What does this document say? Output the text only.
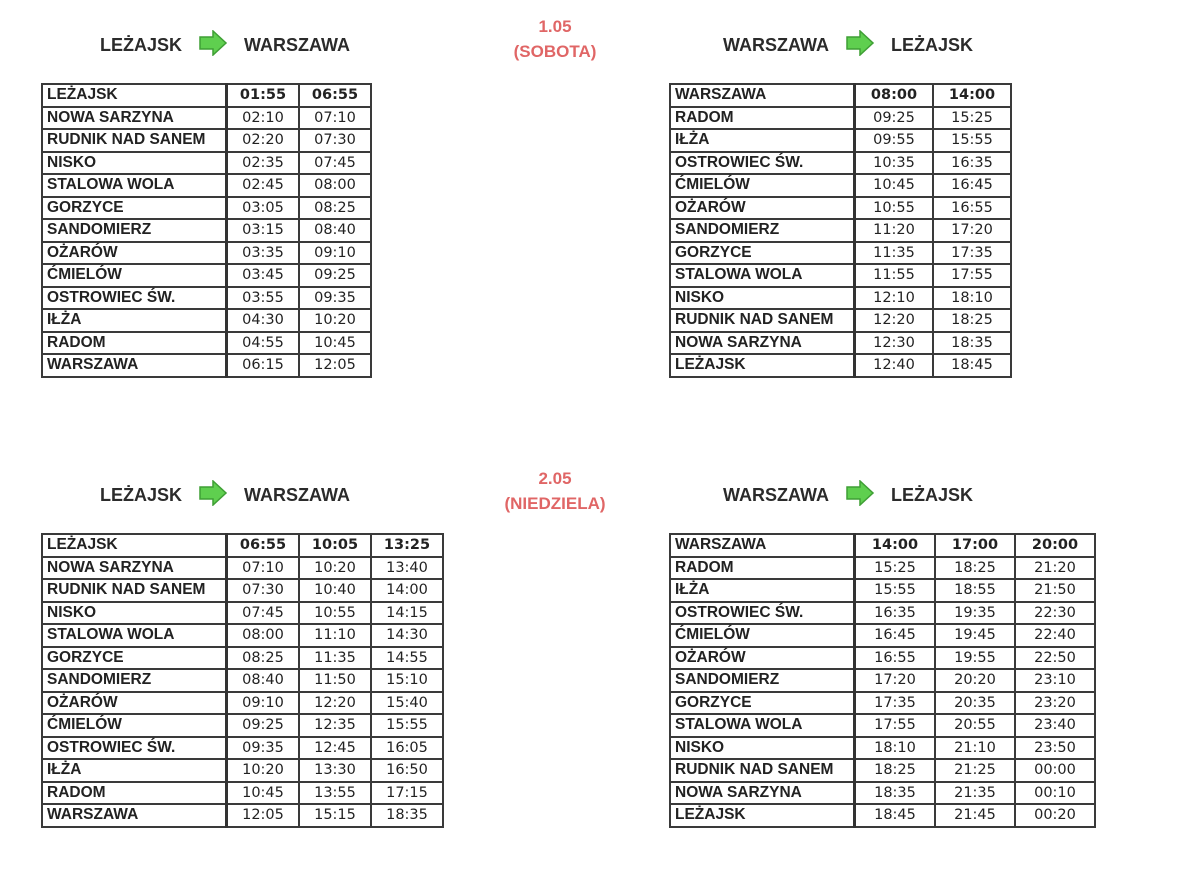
LEŻAJSK	WARSZAWA
1.05
(SOBOTA)	WARSZAWA	LEŻAJSK
LEŻAJSK	01:55	06:55
NOWA SARZYNA	02:10	07:10
RUDNIK NAD SANEM	02:20	07:30
NISKO	02:35	07:45
STALOWA WOLA	02:45	08:00
GORZYCE	03:05	08:25
SANDOMIERZ	03:15	08:40
OŻARÓW	03:35	09:10
ĆMIELÓW	03:45	09:25
OSTROWIEC ŚW.	03:55	09:35
IŁŻA	04:30	10:20
RADOM	04:55	10:45
WARSZAWA	06:15	12:05
WARSZAWA	08:00	14:00
RADOM	09:25	15:25
IŁŻA	09:55	15:55
OSTROWIEC ŚW.	10:35	16:35
ĆMIELÓW	10:45	16:45
OŻARÓW	10:55	16:55
SANDOMIERZ	11:20	17:20
GORZYCE	11:35	17:35
STALOWA WOLA	11:55	17:55
NISKO	12:10	18:10
RUDNIK NAD SANEM	12:20	18:25
NOWA SARZYNA	12:30	18:35
LEŻAJSK	12:40	18:45
LEŻAJSK	WARSZAWA
2.05
(NIEDZIELA)	WARSZAWA	LEŻAJSK
LEŻAJSK	06:55	10:05	13:25
NOWA SARZYNA	07:10	10:20	13:40
RUDNIK NAD SANEM	07:30	10:40	14:00
NISKO	07:45	10:55	14:15
STALOWA WOLA	08:00	11:10	14:30
GORZYCE	08:25	11:35	14:55
SANDOMIERZ	08:40	11:50	15:10
OŻARÓW	09:10	12:20	15:40
ĆMIELÓW	09:25	12:35	15:55
OSTROWIEC ŚW.	09:35	12:45	16:05
IŁŻA	10:20	13:30	16:50
RADOM	10:45	13:55	17:15
WARSZAWA	12:05	15:15	18:35
WARSZAWA	14:00	17:00	20:00
RADOM	15:25	18:25	21:20
IŁŻA	15:55	18:55	21:50
OSTROWIEC ŚW.	16:35	19:35	22:30
ĆMIELÓW	16:45	19:45	22:40
OŻARÓW	16:55	19:55	22:50
SANDOMIERZ	17:20	20:20	23:10
GORZYCE	17:35	20:35	23:20
STALOWA WOLA	17:55	20:55	23:40
NISKO	18:10	21:10	23:50
RUDNIK NAD SANEM	18:25	21:25	00:00
NOWA SARZYNA	18:35	21:35	00:10
LEŻAJSK	18:45	21:45	00:20
